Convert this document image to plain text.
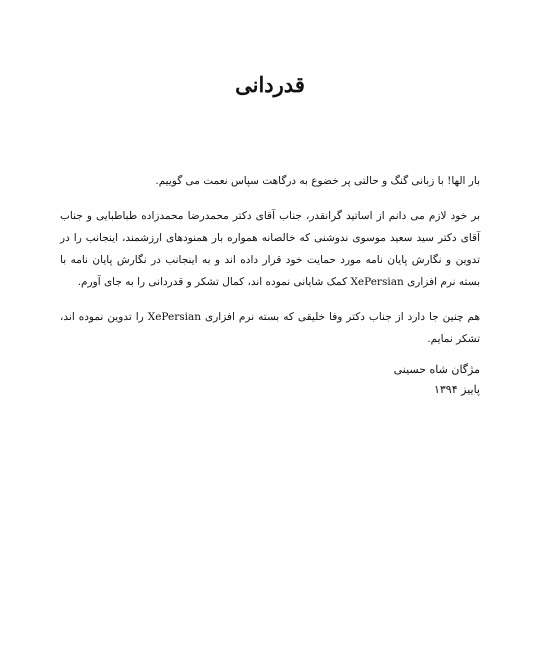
قدردانی

بار الها! با زبانی گنگ و حالتی پر خضوع به درگاهت سپاس نعمت می گوییم.

بر خود لازم می دانم از اساتید گرانقدر، جناب آقای دکتر محمدرضا محمدزاده طباطبایی و جناب آقای دکتر سید سعید موسوی ندوشنی که خالصانه همواره بار همنودهای ارزشمند، اینجانب را در تدوین و نگارش پایان نامه مورد حمایت خود قرار داده اند و به اینجانب در نگارش پایان نامه با بسته نرم افزاری XePersian کمک شایانی نموده اند، کمال تشکر و قدردانی را به جای آورم.

هم چنین جا دارد از جناب دکتر وفا خلیقی که بسته نرم افزاری XePersian را تدوین نموده اند، تشکر نمایم.

مژگان شاه حسینی
پاییز ۱۳۹۴
